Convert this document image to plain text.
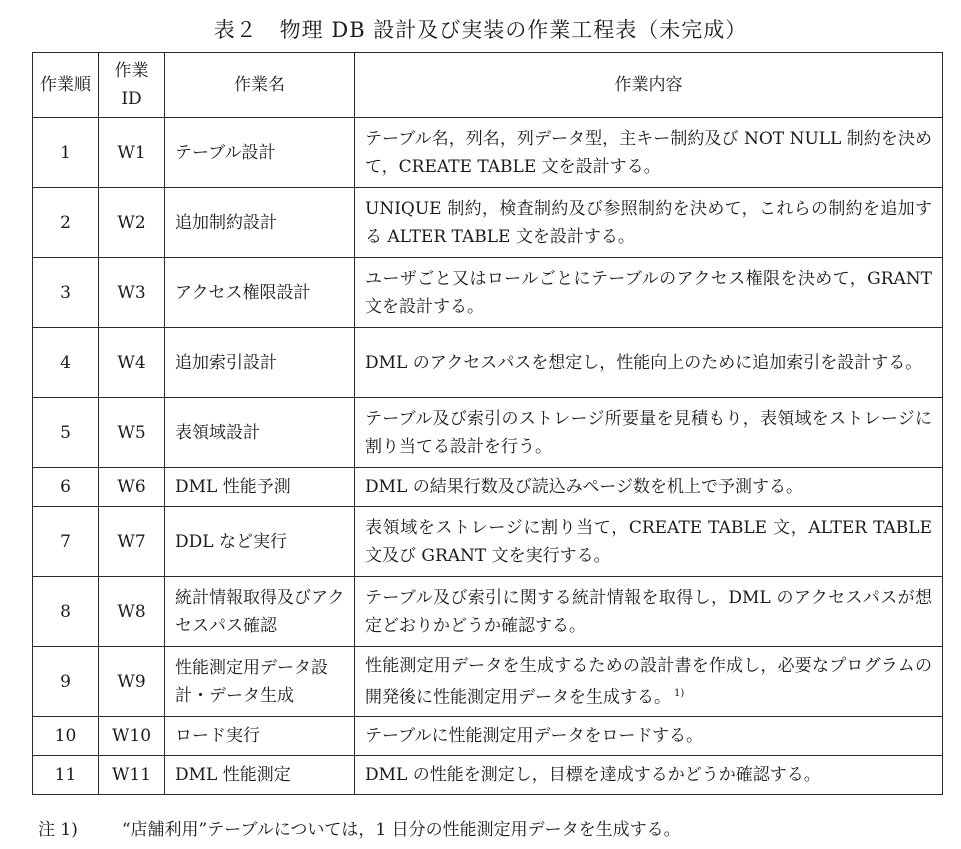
表２　物理 DB 設計及び実装の作業工程表（未完成）
作業順	作業 ID	作業名	作業内容
1	W1	テーブル設計	テーブル名，列名，列データ型，主キー制約及び NOT NULL 制約を決めて，CREATE TABLE 文を設計する。
2	W2	追加制約設計	UNIQUE 制約，検査制約及び参照制約を決めて，これらの制約を追加する ALTER TABLE 文を設計する。
3	W3	アクセス権限設計	ユーザごと又はロールごとにテーブルのアクセス権限を決めて，GRANT 文を設計する。
4	W4	追加索引設計	DML のアクセスパスを想定し，性能向上のために追加索引を設計する。
5	W5	表領域設計	テーブル及び索引のストレージ所要量を見積もり，表領域をストレージに割り当てる設計を行う。
6	W6	DML 性能予測	DML の結果行数及び読込みページ数を机上で予測する。
7	W7	DDL など実行	表領域をストレージに割り当て，CREATE TABLE 文，ALTER TABLE 文及び GRANT 文を実行する。
8	W8	統計情報取得及びアクセスパス確認	テーブル及び索引に関する統計情報を取得し，DML のアクセスパスが想定どおりかどうか確認する。
9	W9	性能測定用データ設計・データ生成	性能測定用データを生成するための設計書を作成し，必要なプログラムの開発後に性能測定用データを生成する。 $^{1)}$
10	W10	ロード実行	テーブルに性能測定用データをロードする。
11	W11	DML 性能測定	DML の性能を測定し，目標を達成するかどうか確認する。
注 1)	“店舗利用”テーブルについては，1 日分の性能測定用データを生成する。
